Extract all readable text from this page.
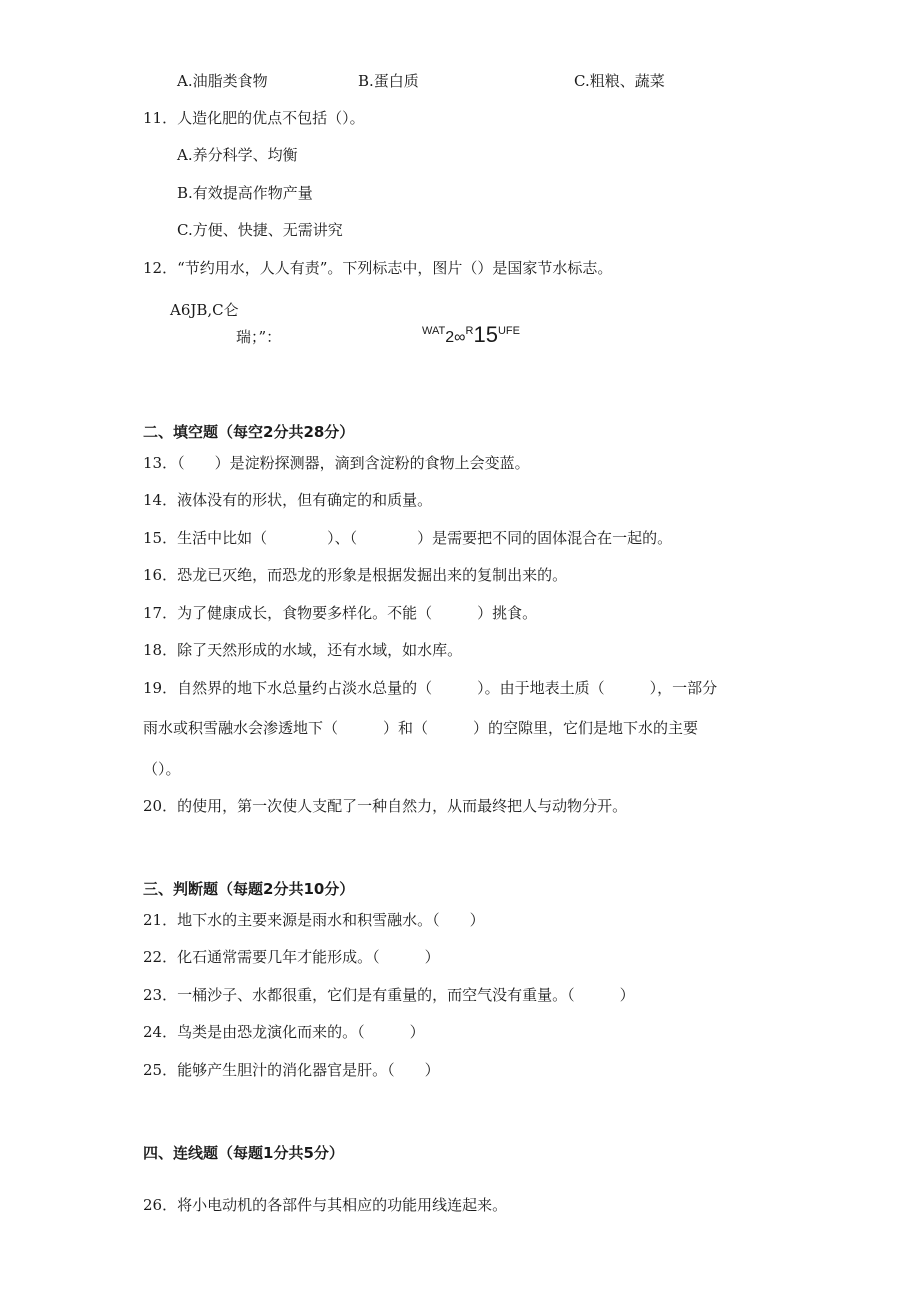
A.油脂类食物	B.蛋白质	C.粗粮、蔬菜
11．人造化肥的优点不包括（）。
A.养分科学、均衡
B.有效提高作物产量
C.方便、快捷、无需讲究
12．“节约用水，人人有责”。下列标志中，图片（）是国家节水标志。
A6JB,C仑
瑞；”：	$^{WAT}2\infty^R15^{UFE}$
二、填空题（每空2分共28分）
13．（　　）是淀粉探测器，滴到含淀粉的食物上会变蓝。
14．液体没有的形状，但有确定的和质量。
15．生活中比如（　　　　）、（　　　　）是需要把不同的固体混合在一起的。
16．恐龙已灭绝，而恐龙的形象是根据发掘出来的复制出来的。
17．为了健康成长，食物要多样化。不能（　　　）挑食。
18．除了天然形成的水域，还有水域，如水库。
19．自然界的地下水总量约占淡水总量的（　　　）。由于地表土质（　　　），一部分
雨水或积雪融水会渗透地下（　　　）和（　　　）的空隙里，它们是地下水的主要
（）。
20．的使用，第一次使人支配了一种自然力，从而最终把人与动物分开。
三、判断题（每题2分共10分）
21．地下水的主要来源是雨水和积雪融水。（　　）
22．化石通常需要几年才能形成。（　　　）
23．一桶沙子、水都很重，它们是有重量的，而空气没有重量。（　　　）
24．鸟类是由恐龙演化而来的。（　　　）
25．能够产生胆汁的消化器官是肝。（　　）
四、连线题（每题1分共5分）
26．将小电动机的各部件与其相应的功能用线连起来。
